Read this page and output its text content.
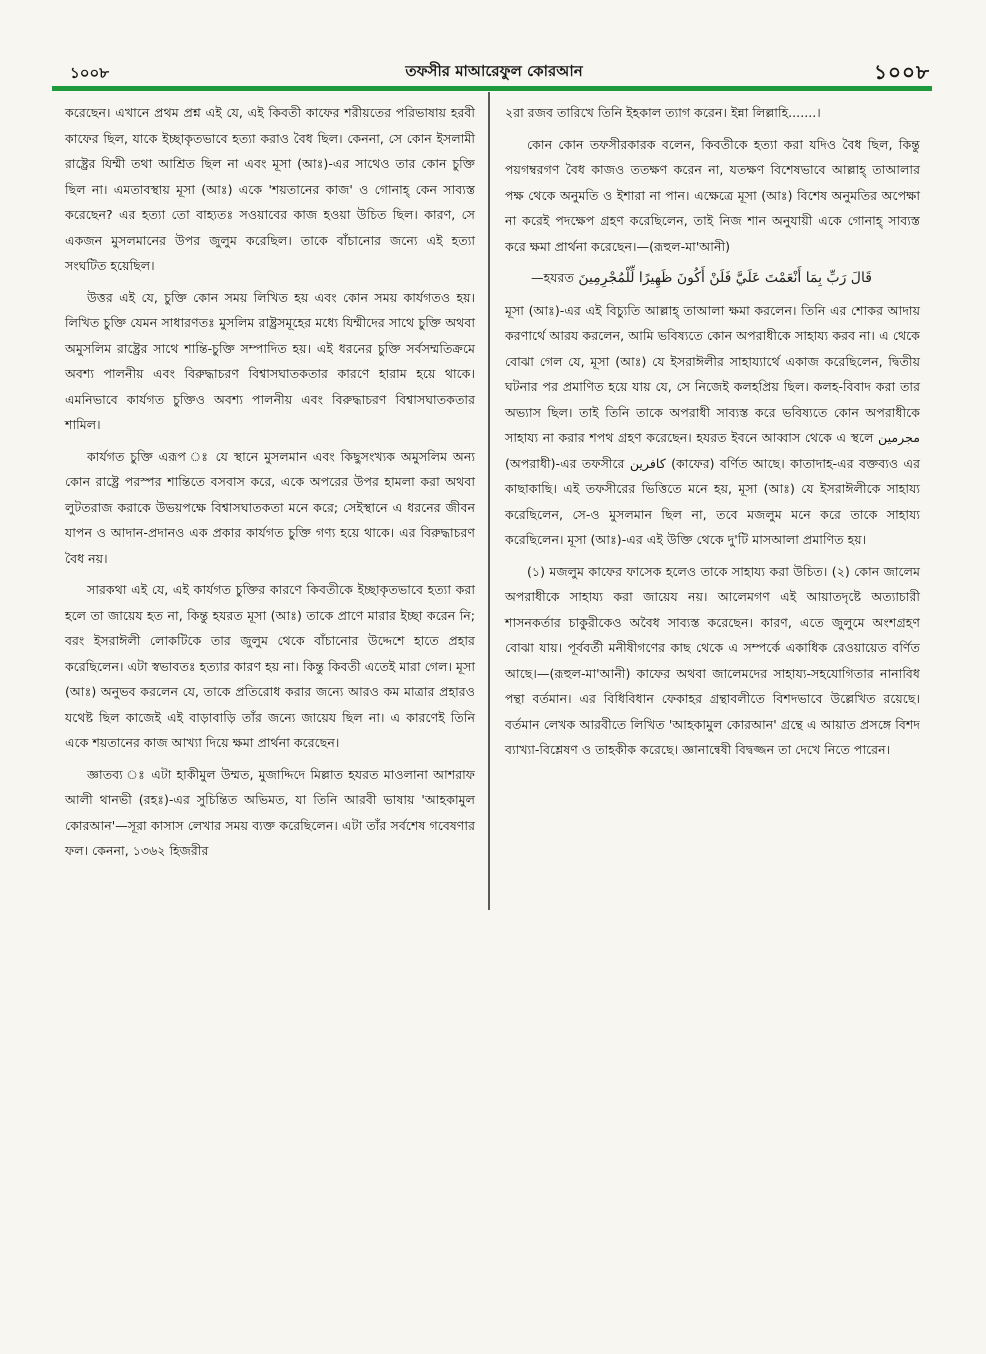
১০০৮	তফসীর মাআরেফুল কোরআন	১০০৮

করেছেন। এখানে প্রথম প্রশ্ন এই যে, এই কিবতী কাফের শরীয়তের পরিভাষায় হরবী কাফের ছিল, যাকে ইচ্ছাকৃতভাবে হত্যা করাও বৈধ ছিল। কেননা, সে কোন ইসলামী রাষ্ট্রের যিম্মী তথা আশ্রিত ছিল না এবং মূসা (আঃ)-এর সাথেও তার কোন চুক্তি ছিল না। এমতাবস্থায় মূসা (আঃ) একে 'শয়তানের কাজ' ও গোনাহ্ কেন সাব্যস্ত করেছেন? এর হত্যা তো বাহ্যতঃ সওয়াবের কাজ হওয়া উচিত ছিল। কারণ, সে একজন মুসলমানের উপর জুলুম করেছিল। তাকে বাঁচানোর জন্যে এই হত্যা সংঘটিত হয়েছিল।

উত্তর এই যে, চুক্তি কোন সময় লিখিত হয় এবং কোন সময় কার্যগতও হয়। লিখিত চুক্তি যেমন সাধারণতঃ মুসলিম রাষ্ট্রসমূহের মধ্যে যিম্মীদের সাথে চুক্তি অথবা অমুসলিম রাষ্ট্রের সাথে শান্তি-চুক্তি সম্পাদিত হয়। এই ধরনের চুক্তি সর্বসম্মতিক্রমে অবশ্য পালনীয় এবং বিরুদ্ধাচরণ বিশ্বাসঘাতকতার কারণে হারাম হয়ে থাকে। এমনিভাবে কার্যগত চুক্তিও অবশ্য পালনীয় এবং বিরুদ্ধাচরণ বিশ্বাসঘাতকতার শামিল।

কার্যগত চুক্তি এরূপ ঃ যে স্থানে মুসলমান এবং কিছুসংখ্যক অমুসলিম অন্য কোন রাষ্ট্রে পরস্পর শান্তিতে বসবাস করে, একে অপরের উপর হামলা করা অথবা লুটতরাজ করাকে উভয়পক্ষে বিশ্বাসঘাতকতা মনে করে; সেইস্থানে এ ধরনের জীবন যাপন ও আদান-প্রদানও এক প্রকার কার্যগত চুক্তি গণ্য হয়ে থাকে। এর বিরুদ্ধাচরণ বৈধ নয়।

সারকথা এই যে, এই কার্যগত চুক্তির কারণে কিবতীকে ইচ্ছাকৃতভাবে হত্যা করা হলে তা জায়েয হত না, কিন্তু হযরত মূসা (আঃ) তাকে প্রাণে মারার ইচ্ছা করেন নি; বরং ইসরাঈলী লোকটিকে তার জুলুম থেকে বাঁচানোর উদ্দেশে হাতে প্রহার করেছিলেন। এটা স্বভাবতঃ হত্যার কারণ হয় না। কিন্তু কিবতী এতেই মারা গেল। মূসা (আঃ) অনুভব করলেন যে, তাকে প্রতিরোধ করার জন্যে আরও কম মাত্রার প্রহারও যথেষ্ট ছিল কাজেই এই বাড়াবাড়ি তাঁর জন্যে জায়েয ছিল না। এ কারণেই তিনি একে শয়তানের কাজ আখ্যা দিয়ে ক্ষমা প্রার্থনা করেছেন।

জ্ঞাতব্য ঃ এটা হাকীমুল উম্মত, মুজাদ্দিদে মিল্লাত হযরত মাওলানা আশরাফ আলী থানভী (রহঃ)-এর সুচিন্তিত অভিমত, যা তিনি আরবী ভাষায় 'আহকামুল কোরআন'—সূরা কাসাস লেখার সময় ব্যক্ত করেছিলেন। এটা তাঁর সর্বশেষ গবেষণার ফল। কেননা, ১৩৬২ হিজরীর

২রা রজব তারিখে তিনি ইহকাল ত্যাগ করেন। ইন্না লিল্লাহি.......।

কোন কোন তফসীরকারক বলেন, কিবতীকে হত্যা করা যদিও বৈধ ছিল, কিন্তু পয়গম্বরগণ বৈধ কাজও ততক্ষণ করেন না, যতক্ষণ বিশেষভাবে আল্লাহ্ তাআলার পক্ষ থেকে অনুমতি ও ইশারা না পান। এক্ষেত্রে মূসা (আঃ) বিশেষ অনুমতির অপেক্ষা না করেই পদক্ষেপ গ্রহণ করেছিলেন, তাই নিজ শান অনুযায়ী একে গোনাহ্ সাব্যস্ত করে ক্ষমা প্রার্থনা করেছেন।—(রূহুল-মা'আনী)

قَالَ رَبِّ بِمَا أَنْعَمْتَ عَلَيَّ فَلَنْ أَكُونَ ظَهِيرًا لِّلْمُجْرِمِينَ —হযরত

মূসা (আঃ)-এর এই বিচ্যুতি আল্লাহ্ তাআলা ক্ষমা করলেন। তিনি এর শোকর আদায় করণার্থে আরয করলেন, আমি ভবিষ্যতে কোন অপরাধীকে সাহায্য করব না। এ থেকে বোঝা গেল যে, মূসা (আঃ) যে ইসরাঈলীর সাহায্যার্থে একাজ করেছিলেন, দ্বিতীয় ঘটনার পর প্রমাণিত হয়ে যায় যে, সে নিজেই কলহপ্রিয় ছিল। কলহ-বিবাদ করা তার অভ্যাস ছিল। তাই তিনি তাকে অপরাধী সাব্যস্ত করে ভবিষ্যতে কোন অপরাধীকে সাহায্য না করার শপথ গ্রহণ করেছেন। হযরত ইবনে আব্বাস থেকে এ স্থলে مجرمين (অপরাধী)-এর তফসীরে كافرين (কাফের) বর্ণিত আছে। কাতাদাহ-এর বক্তব্যও এর কাছাকাছি। এই তফসীরের ভিত্তিতে মনে হয়, মূসা (আঃ) যে ইসরাঈলীকে সাহায্য করেছিলেন, সে-ও মুসলমান ছিল না, তবে মজলুম মনে করে তাকে সাহায্য করেছিলেন। মূসা (আঃ)-এর এই উক্তি থেকে দু'টি মাসআলা প্রমাণিত হয়।

(১) মজলুম কাফের ফাসেক হলেও তাকে সাহায্য করা উচিত। (২) কোন জালেম অপরাধীকে সাহায্য করা জায়েয নয়। আলেমগণ এই আয়াতদৃষ্টে অত্যাচারী শাসনকর্তার চাকুরীকেও অবৈধ সাব্যস্ত করেছেন। কারণ, এতে জুলুমে অংশগ্রহণ বোঝা যায়। পূর্ববর্তী মনীষীগণের কাছ থেকে এ সম্পর্কে একাধিক রেওয়ায়েত বর্ণিত আছে।—(রূহুল-মা'আনী) কাফের অথবা জালেমদের সাহায্য-সহযোগিতার নানাবিধ পন্থা বর্তমান। এর বিধিবিধান ফেকাহর গ্রন্থাবলীতে বিশদভাবে উল্লেখিত রয়েছে। বর্তমান লেখক আরবীতে লিখিত 'আহকামুল কোরআন' গ্রন্থে এ আয়াত প্রসঙ্গে বিশদ ব্যাখ্যা-বিশ্লেষণ ও তাহকীক করেছে। জ্ঞানান্বেষী বিদ্বজ্জন তা দেখে নিতে পারেন।
